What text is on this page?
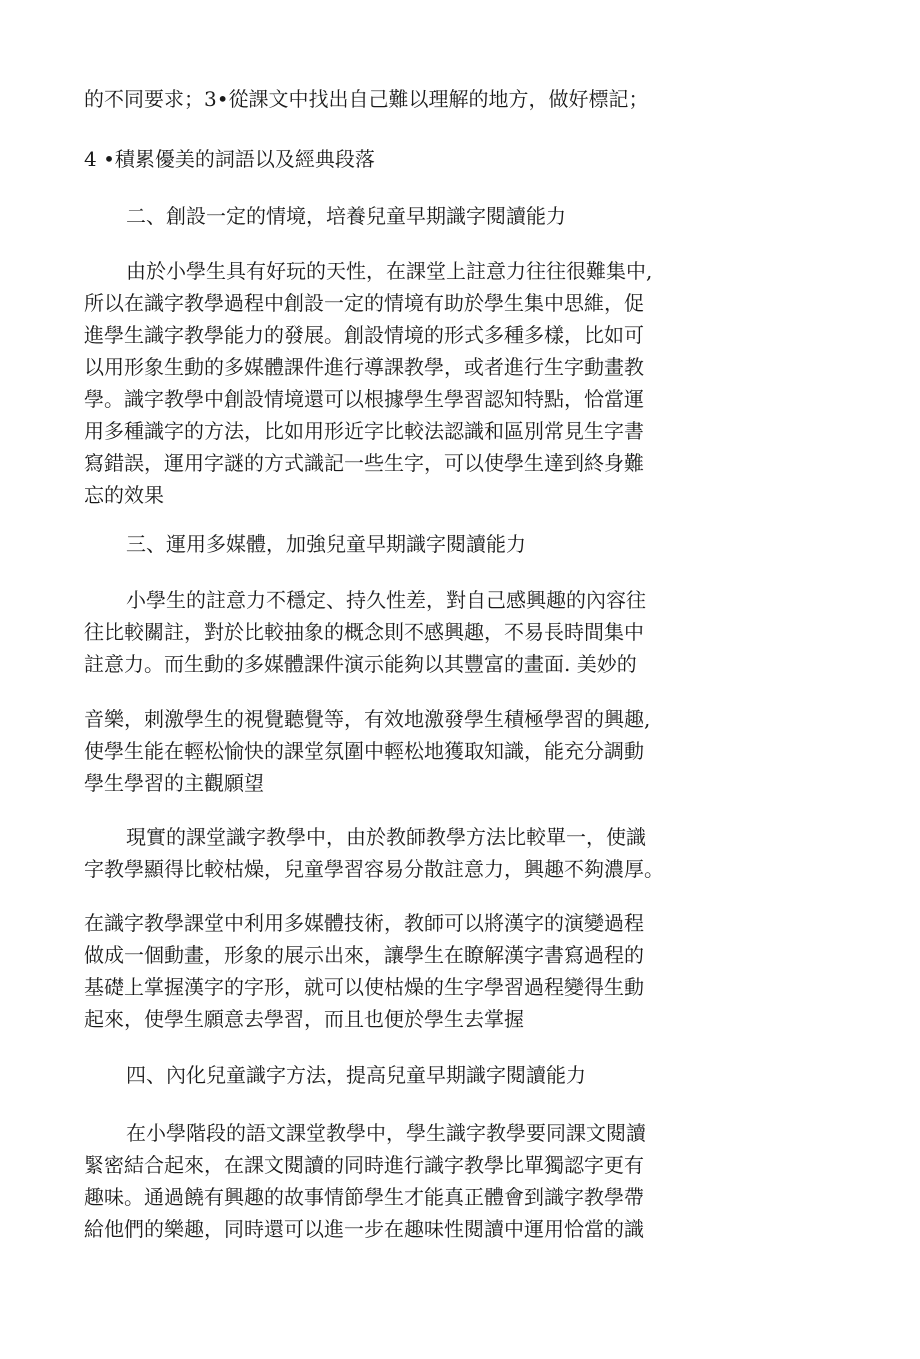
的不同要求；3•從課文中找出自己難以理解的地方，做好標記；

4 •積累優美的詞語以及經典段落

二、創設一定的情境，培養兒童早期識字閱讀能力

由於小學生具有好玩的天性，在課堂上註意力往往很難集中,
所以在識字教學過程中創設一定的情境有助於學生集中思維，促
進學生識字教學能力的發展。創設情境的形式多種多樣，比如可
以用形象生動的多媒體課件進行導課教學，或者進行生字動畫教
學。識字教學中創設情境還可以根據學生學習認知特點，恰當運
用多種識字的方法，比如用形近字比較法認識和區別常見生字書
寫錯誤，運用字謎的方式識記一些生字，可以使學生達到終身難
忘的效果

三、運用多媒體，加強兒童早期識字閱讀能力

小學生的註意力不穩定、持久性差，對自己感興趣的內容往
往比較關註，對於比較抽象的概念則不感興趣，不易長時間集中
註意力。而生動的多媒體課件演示能夠以其豐富的畫面. 美妙的

音樂，刺激學生的視覺聽覺等，有效地激發學生積極學習的興趣,
使學生能在輕松愉快的課堂氛圍中輕松地獲取知識，能充分調動
學生學習的主觀願望

現實的課堂識字教學中，由於教師教學方法比較單一，使識
字教學顯得比較枯燥，兒童學習容易分散註意力，興趣不夠濃厚。

在識字教學課堂中利用多媒體技術，教師可以將漢字的演變過程
做成一個動畫，形象的展示出來，讓學生在瞭解漢字書寫過程的
基礎上掌握漢字的字形，就可以使枯燥的生字學習過程變得生動
起來，使學生願意去學習，而且也便於學生去掌握

四、內化兒童識字方法，提高兒童早期識字閱讀能力

在小學階段的語文課堂教學中，學生識字教學要同課文閱讀
緊密結合起來，在課文閱讀的同時進行識字教學比單獨認字更有
趣味。通過饒有興趣的故事情節學生才能真正體會到識字教學帶
給他們的樂趣，同時還可以進一步在趣味性閱讀中運用恰當的識
